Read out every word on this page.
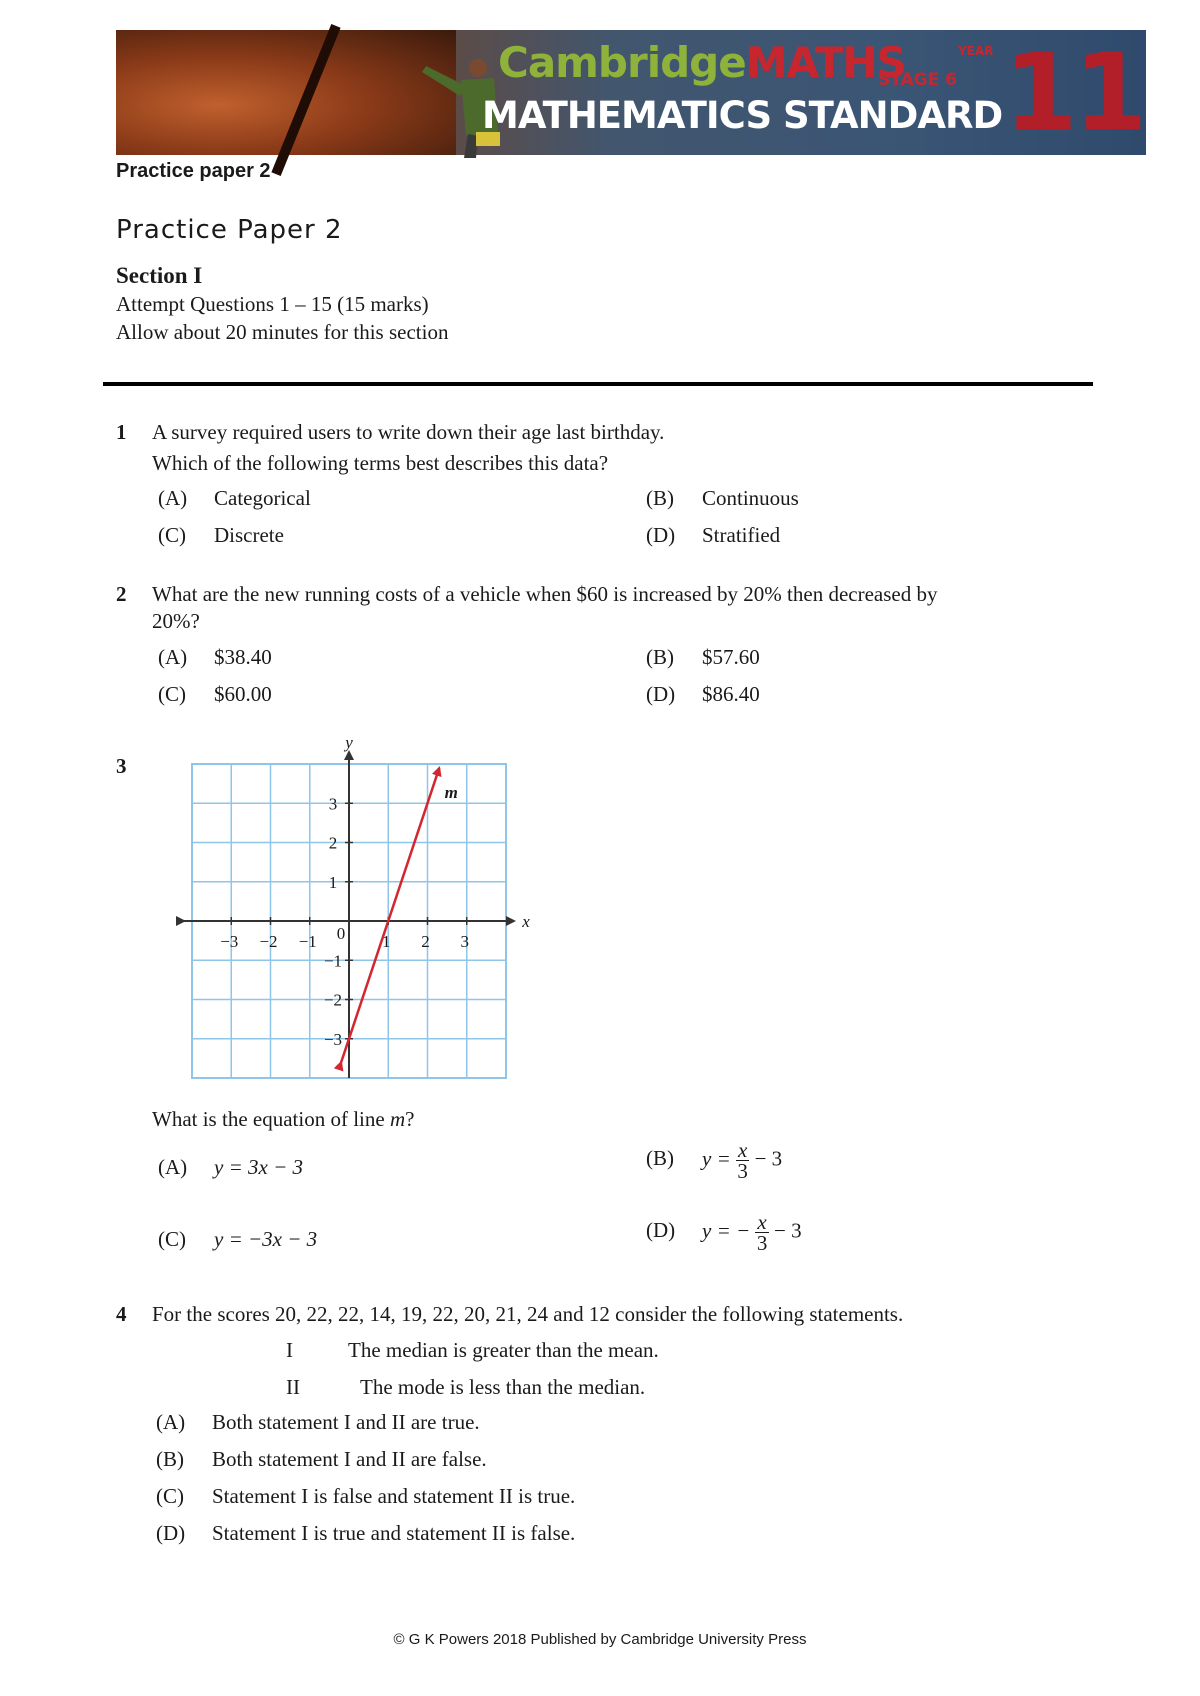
CambridgeMATHS
STAGE 6
YEAR 11
MATHEMATICS STANDARD
Practice paper 2
Practice Paper 2
Section I
Attempt Questions 1 – 15 (15 marks)
Allow about 20 minutes for this section
1 A survey required users to write down their age last birthday.
Which of the following terms best describes this data?
(A) Categorical	(B) Continuous
(C) Discrete	(D) Stratified
2 What are the new running costs of a vehicle when $60 is increased by 20% then decreased by
20%?
(A) $38.40	(B) $57.60
(C) $60.00	(D) $86.40
3
−3 −2 −1	1 2 3
3
2
1
−1
−2
−3
0
x
y
m
What is the equation of line m?
(A) y = 3x − 3	(B) $y = \frac{x}{3} - 3$
(C) y = −3x − 3	(D) y = − $\frac{x}{3} - 3$
4 For the scores 20, 22, 22, 14, 19, 22, 20, 21, 24 and 12 consider the following statements.
I	The median is greater than the mean.
II	The mode is less than the median.
(A) Both statement I and II are true.
(B) Both statement I and II are false.
(C) Statement I is false and statement II is true.
(D) Statement I is true and statement II is false.
© G K Powers 2018 Published by Cambridge University Press
